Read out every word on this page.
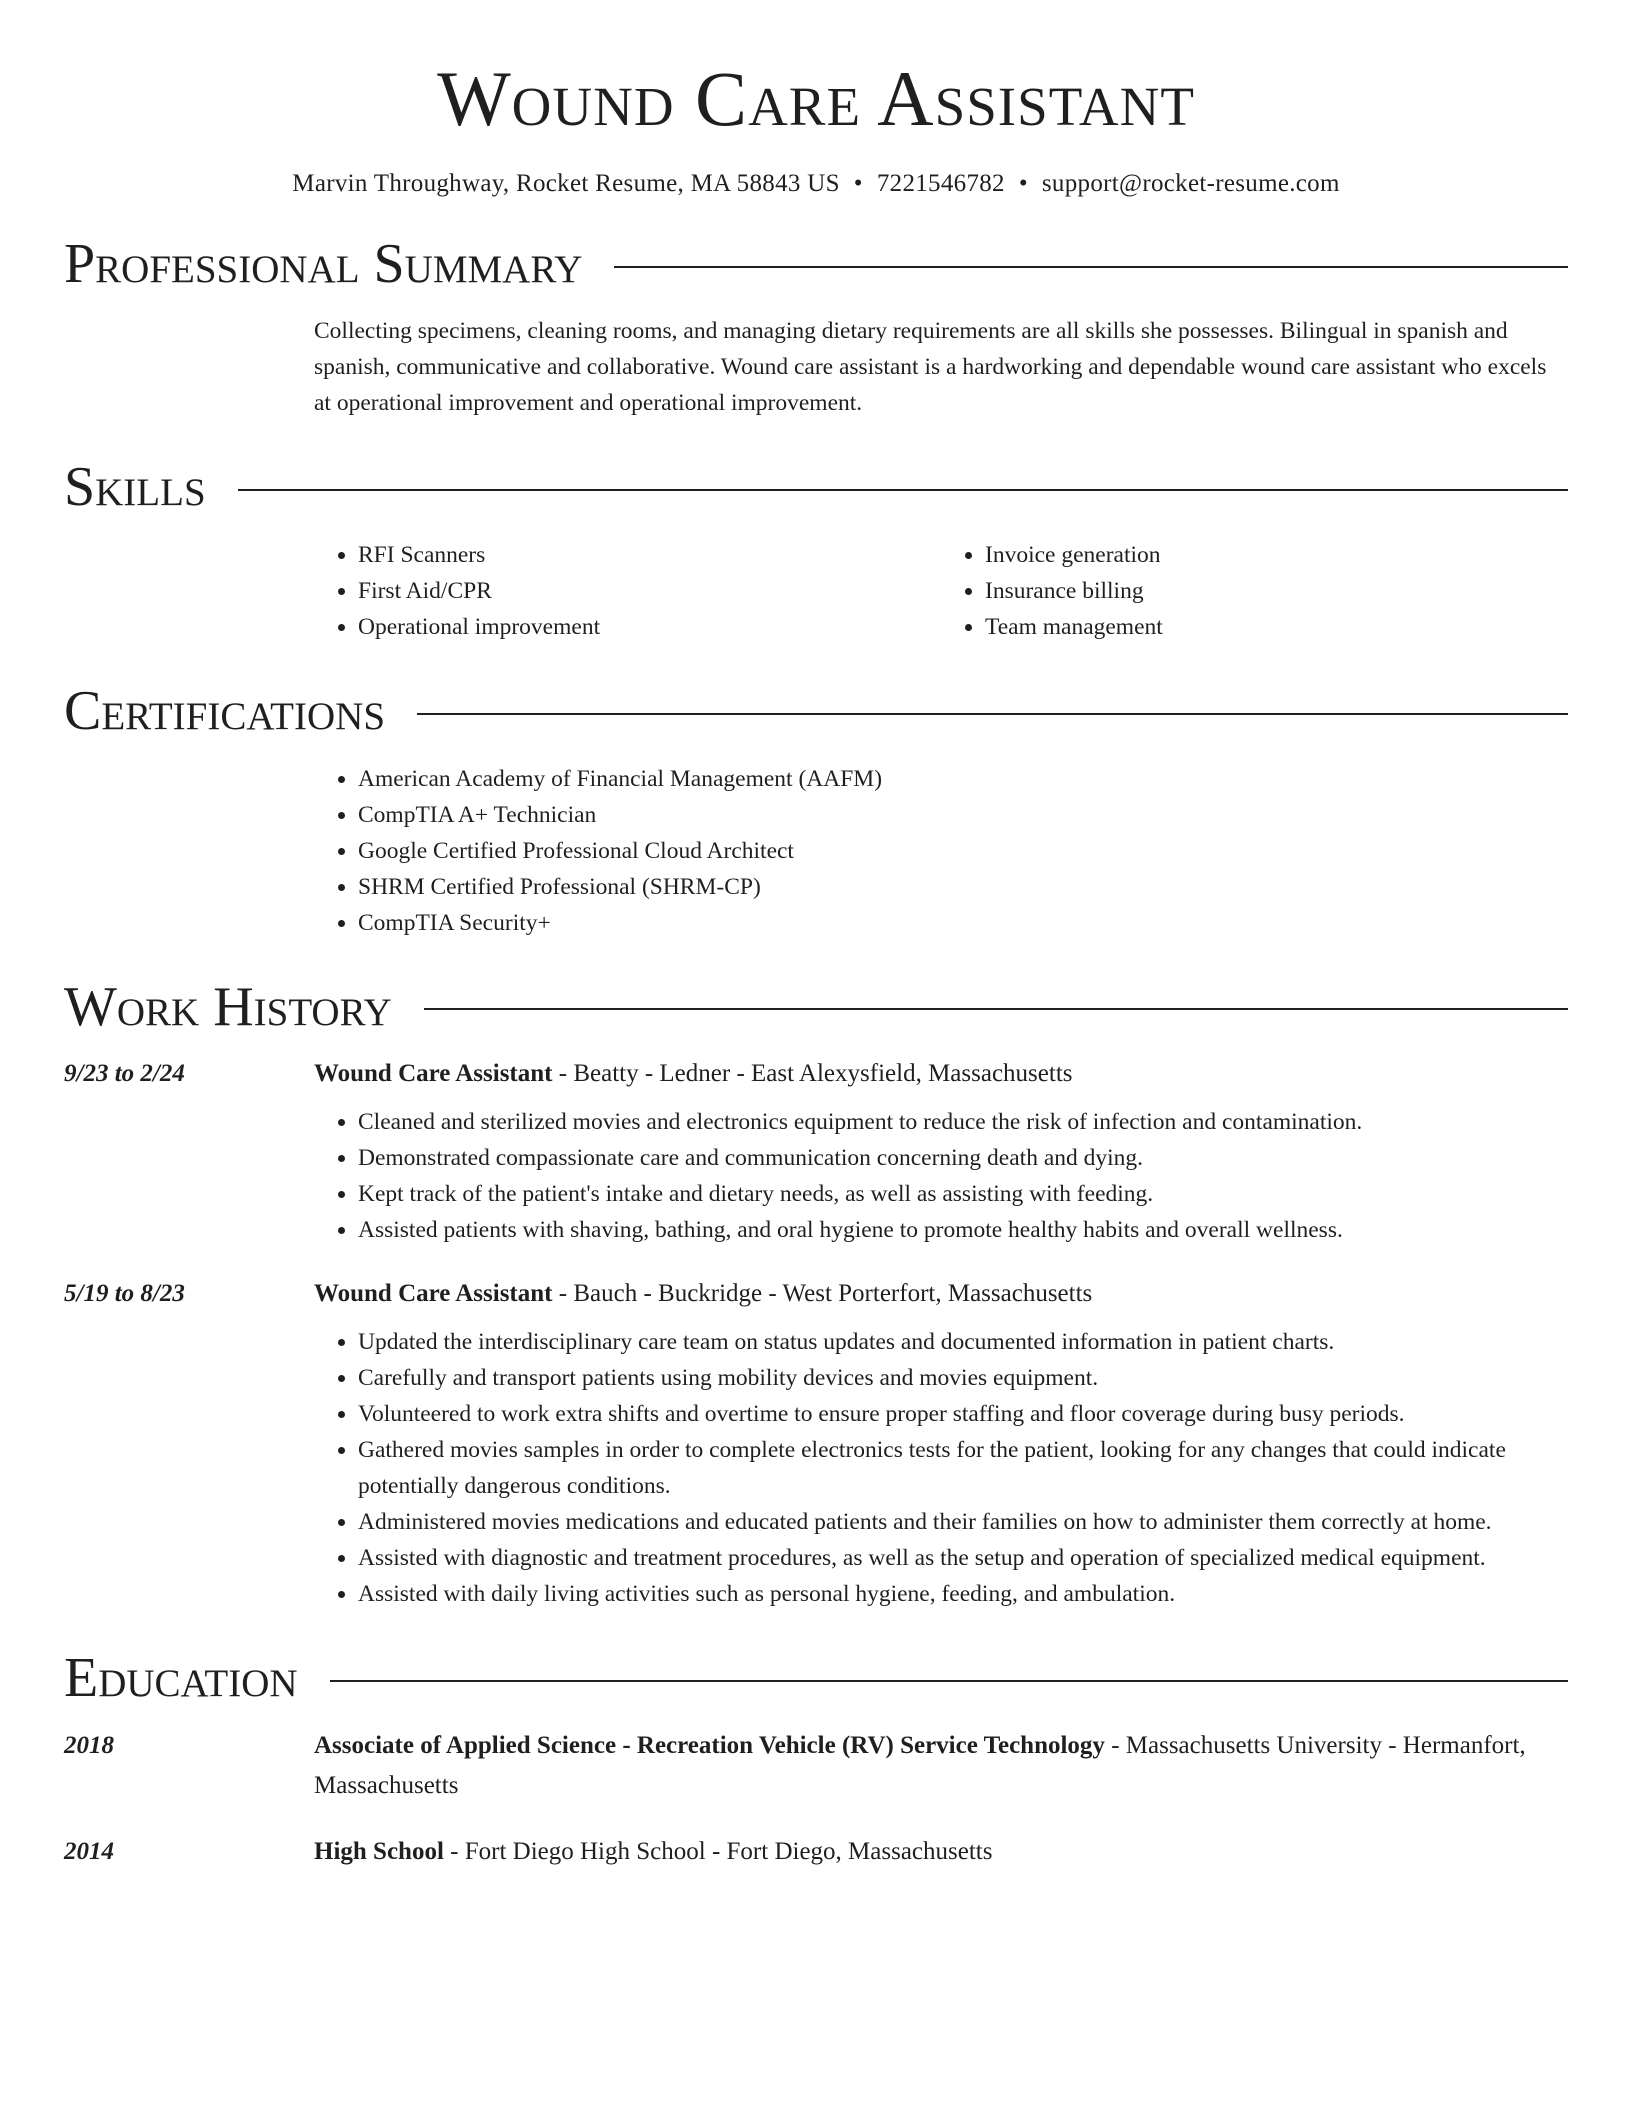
Wound Care Assistant
Marvin Throughway, Rocket Resume, MA 58843 US • 7221546782 • support@rocket-resume.com
Professional Summary

Collecting specimens, cleaning rooms, and managing dietary requirements are all skills she possesses. Bilingual in spanish and spanish, communicative and collaborative. Wound care assistant is a hardworking and dependable wound care assistant who excels at operational improvement and operational improvement.

Skills
• RFI Scanners
• First Aid/CPR
• Operational improvement
• Invoice generation
• Insurance billing
• Team management
Certifications
• American Academy of Financial Management (AAFM)
• CompTIA A+ Technician
• Google Certified Professional Cloud Architect
• SHRM Certified Professional (SHRM-CP)
• CompTIA Security+
Work History
9/23 to 2/24	Wound Care Assistant - Beatty - Ledner - East Alexysfield, Massachusetts
• Cleaned and sterilized movies and electronics equipment to reduce the risk of infection and contamination.
• Demonstrated compassionate care and communication concerning death and dying.
• Kept track of the patient's intake and dietary needs, as well as assisting with feeding.
• Assisted patients with shaving, bathing, and oral hygiene to promote healthy habits and overall wellness.
5/19 to 8/23	Wound Care Assistant - Bauch - Buckridge - West Porterfort, Massachusetts
• Updated the interdisciplinary care team on status updates and documented information in patient charts.
• Carefully and transport patients using mobility devices and movies equipment.
• Volunteered to work extra shifts and overtime to ensure proper staffing and floor coverage during busy periods.
• Gathered movies samples in order to complete electronics tests for the patient, looking for any changes that could indicate potentially dangerous conditions.
• Administered movies medications and educated patients and their families on how to administer them correctly at home.
• Assisted with diagnostic and treatment procedures, as well as the setup and operation of specialized medical equipment.
• Assisted with daily living activities such as personal hygiene, feeding, and ambulation.
Education
2018	Associate of Applied Science - Recreation Vehicle (RV) Service Technology - Massachusetts University - Hermanfort, Massachusetts
2014	High School - Fort Diego High School - Fort Diego, Massachusetts
